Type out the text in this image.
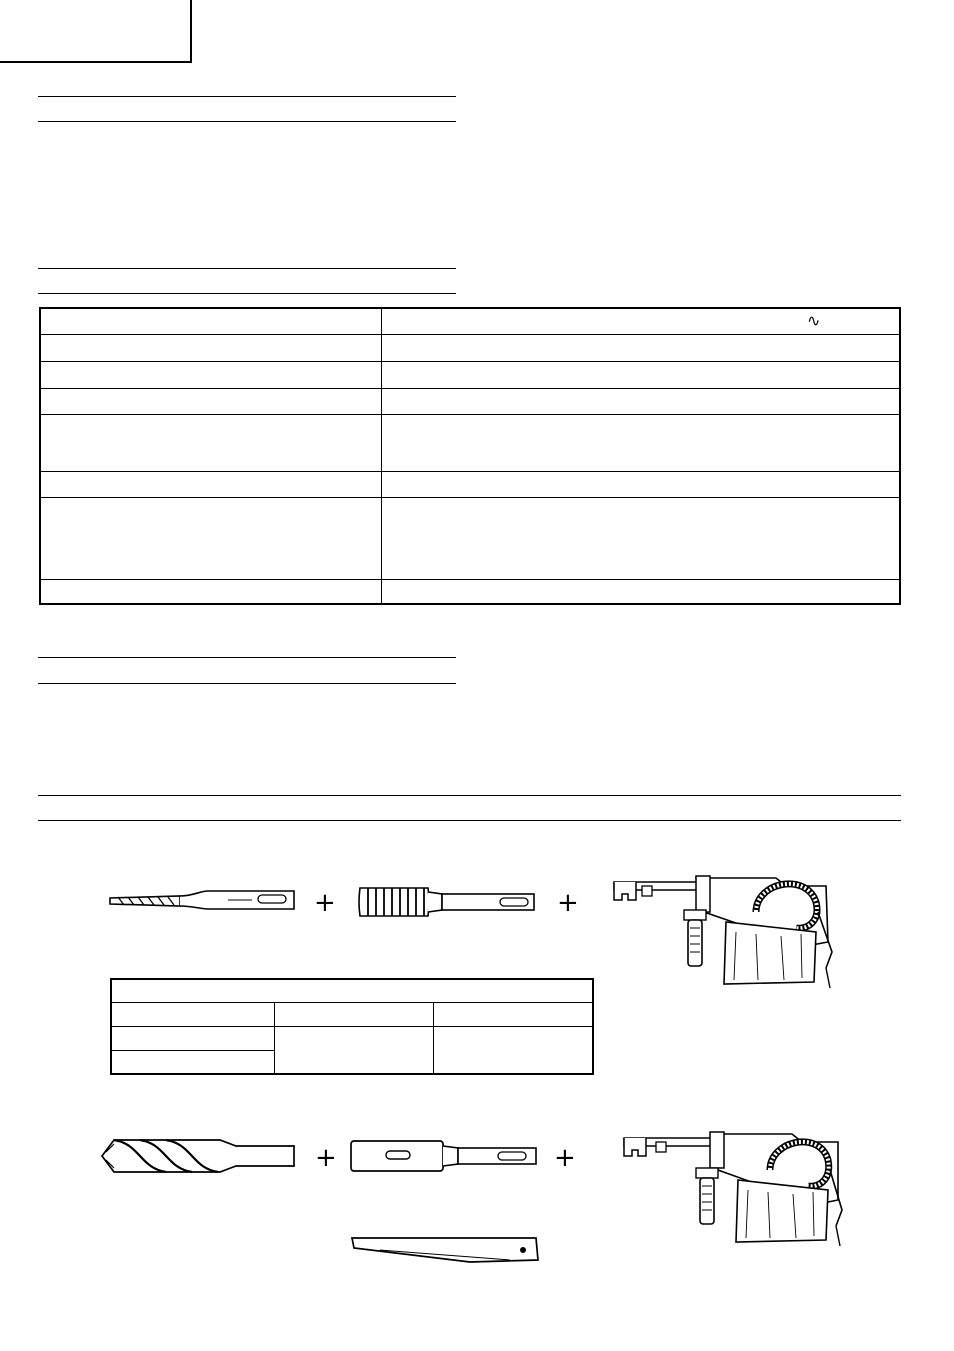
∿
+	+

+	+
